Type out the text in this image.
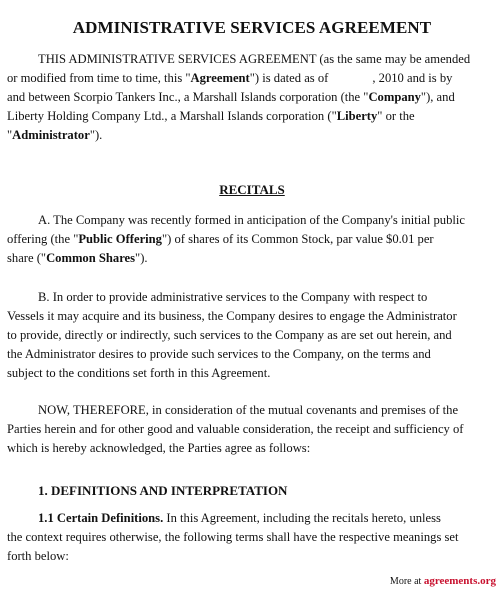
ADMINISTRATIVE SERVICES AGREEMENT
THIS ADMINISTRATIVE SERVICES AGREEMENT (as the same may be amended
or modified from time to time, this "Agreement") is dated as of	, 2010 and is by
and between Scorpio Tankers Inc., a Marshall Islands corporation (the "Company"), and
Liberty Holding Company Ltd., a Marshall Islands corporation ("Liberty" or the
"Administrator").
RECITALS
A. The Company was recently formed in anticipation of the Company's initial public
offering (the "Public Offering") of shares of its Common Stock, par value $0.01 per
share ("Common Shares").
B. In order to provide administrative services to the Company with respect to
Vessels it may acquire and its business, the Company desires to engage the Administrator
to provide, directly or indirectly, such services to the Company as are set out herein, and
the Administrator desires to provide such services to the Company, on the terms and
subject to the conditions set forth in this Agreement.
NOW, THEREFORE, in consideration of the mutual covenants and premises of the
Parties herein and for other good and valuable consideration, the receipt and sufficiency of
which is hereby acknowledged, the Parties agree as follows:
1. DEFINITIONS AND INTERPRETATION
1.1 Certain Definitions. In this Agreement, including the recitals hereto, unless
the context requires otherwise, the following terms shall have the respective meanings set
forth below:
More at agreements.org
